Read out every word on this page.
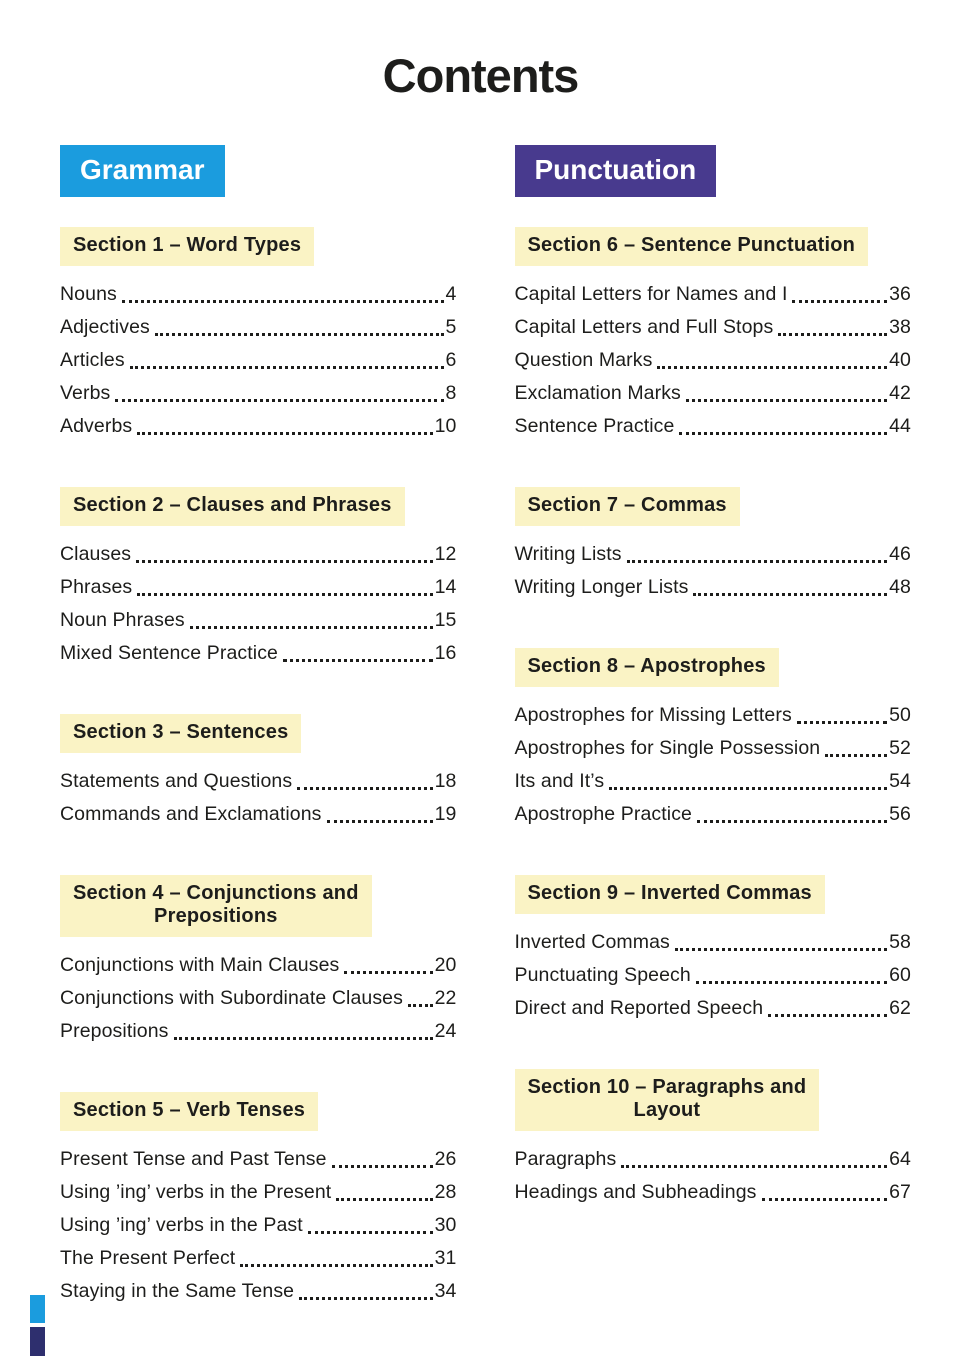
Contents
Grammar
Section 1 – Word Types
Nouns	4
Adjectives	5
Articles	6
Verbs	8
Adverbs	10
Section 2 – Clauses and Phrases
Clauses	12
Phrases	14
Noun Phrases	15
Mixed Sentence Practice	16
Section 3 – Sentences
Statements and Questions	18
Commands and Exclamations	19
Section 4 – Conjunctions and
Prepositions
Conjunctions with Main Clauses	20
Conjunctions with Subordinate Clauses 22
Prepositions	24
Section 5 – Verb Tenses
Present Tense and Past Tense	26
Using ’ing’ verbs in the Present	28
Using ’ing’ verbs in the Past	30
The Present Perfect	31
Staying in the Same Tense	34
Punctuation
Section 6 – Sentence Punctuation
Capital Letters for Names and I	36
Capital Letters and Full Stops	38
Question Marks	40
Exclamation Marks	42
Sentence Practice	44
Section 7 – Commas
Writing Lists	46
Writing Longer Lists	48
Section 8 – Apostrophes
Apostrophes for Missing Letters	50
Apostrophes for Single Possession	52
Its and It’s	54
Apostrophe Practice	56
Section 9 – Inverted Commas
Inverted Commas	58
Punctuating Speech	60
Direct and Reported Speech	62
Section 10 – Paragraphs and
Layout
Paragraphs	64
Headings and Subheadings	67
